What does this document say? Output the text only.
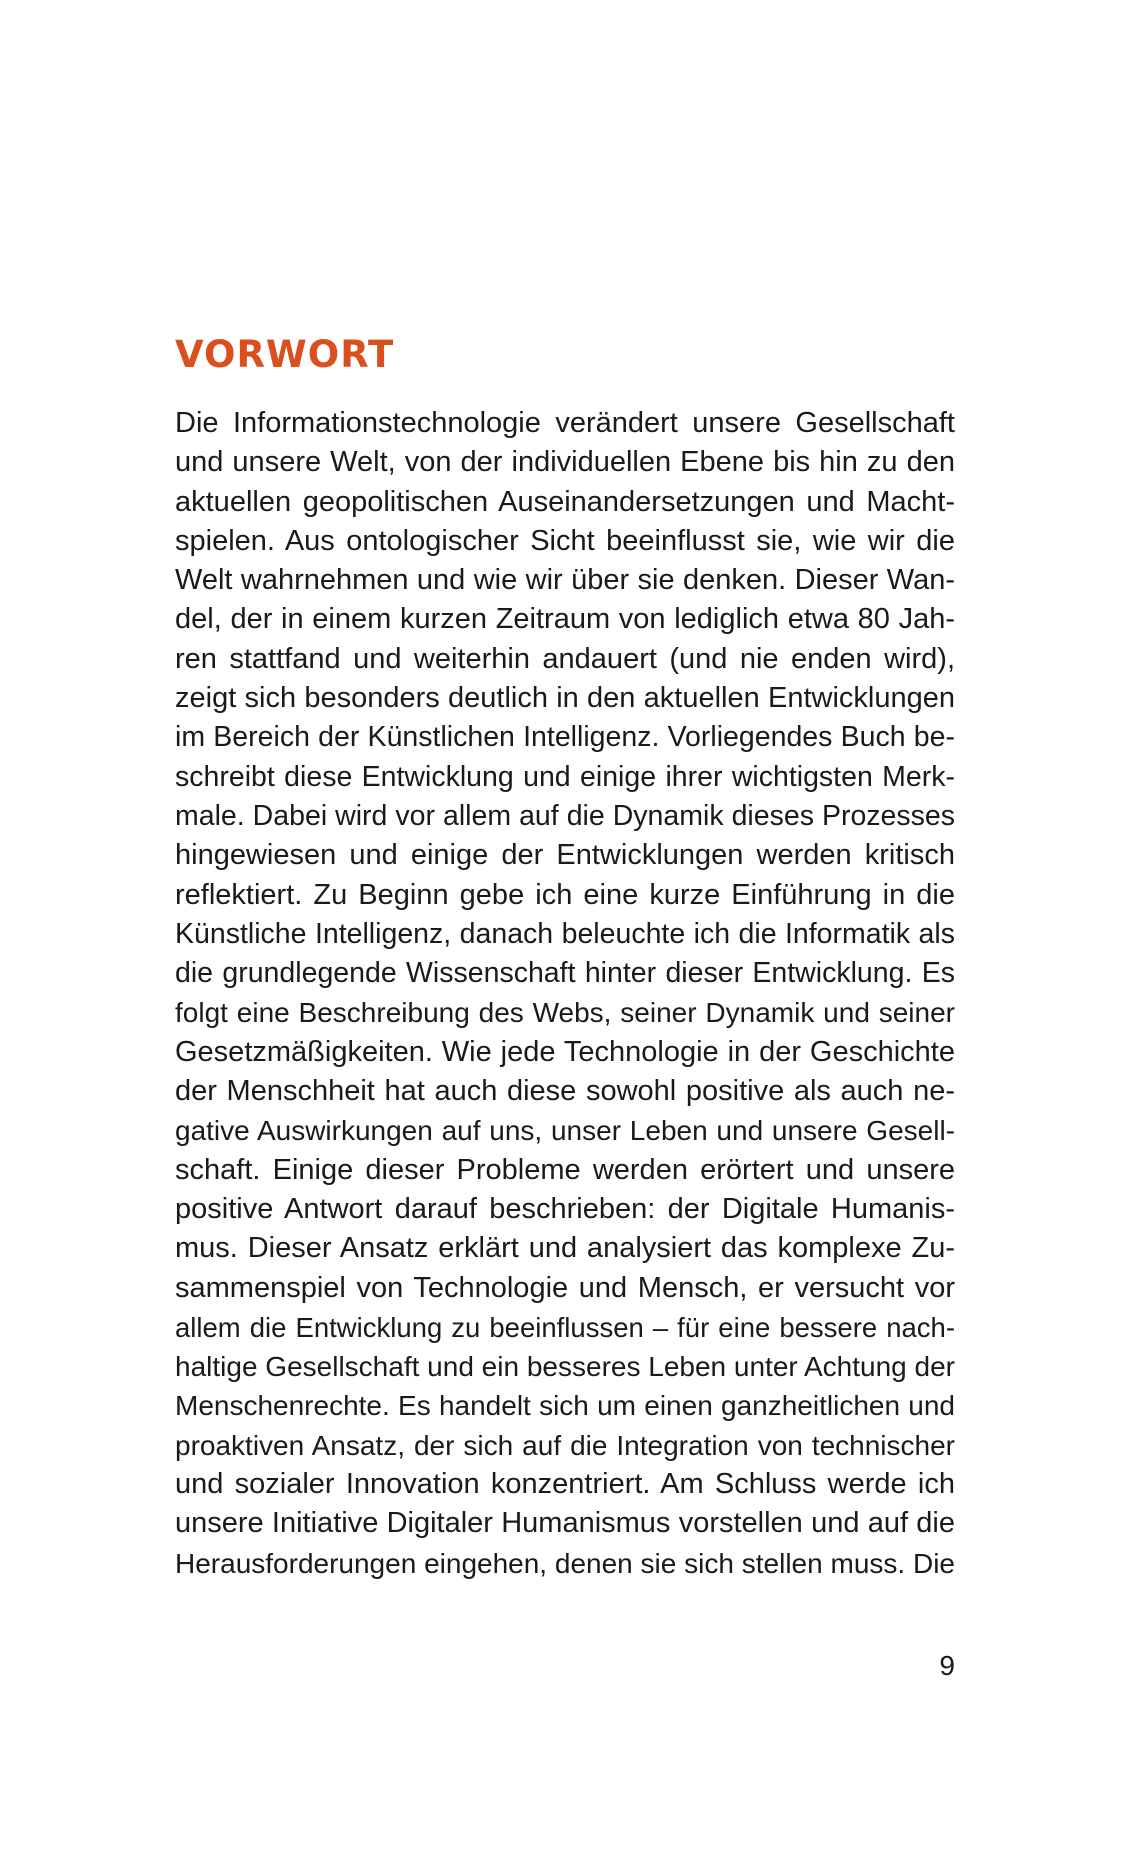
VORWORT
Die Informationstechnologie verändert unsere Gesellschaft
und unsere Welt, von der individuellen Ebene bis hin zu den
aktuellen geopolitischen Auseinandersetzungen und Macht-
spielen. Aus ontologischer Sicht beeinflusst sie, wie wir die
Welt wahrnehmen und wie wir über sie denken. Dieser Wan-
del, der in einem kurzen Zeitraum von lediglich etwa 80 Jah-
ren stattfand und weiterhin andauert (und nie enden wird),
zeigt sich besonders deutlich in den aktuellen Entwicklungen
im Bereich der Künstlichen Intelligenz. Vorliegendes Buch be-
schreibt diese Entwicklung und einige ihrer wichtigsten Merk-
male. Dabei wird vor allem auf die Dynamik dieses Prozesses
hingewiesen und einige der Entwicklungen werden kritisch
reflektiert. Zu Beginn gebe ich eine kurze Einführung in die
Künstliche Intelligenz, danach beleuchte ich die Informatik als
die grundlegende Wissenschaft hinter dieser Entwicklung. Es
folgt eine Beschreibung des Webs, seiner Dynamik und seiner
Gesetzmäßigkeiten. Wie jede Technologie in der Geschichte
der Menschheit hat auch diese sowohl positive als auch ne-
gative Auswirkungen auf uns, unser Leben und unsere Gesell-
schaft. Einige dieser Probleme werden erörtert und unsere
positive Antwort darauf beschrieben: der Digitale Humanis-
mus. Dieser Ansatz erklärt und analysiert das komplexe Zu-
sammenspiel von Technologie und Mensch, er versucht vor
allem die Entwicklung zu beeinflussen – für eine bessere nach-
haltige Gesellschaft und ein besseres Leben unter Achtung der
Menschenrechte. Es handelt sich um einen ganzheitlichen und
proaktiven Ansatz, der sich auf die Integration von technischer
und sozialer Innovation konzentriert. Am Schluss werde ich
unsere Initiative Digitaler Humanismus vorstellen und auf die
Herausforderungen eingehen, denen sie sich stellen muss. Die
9
